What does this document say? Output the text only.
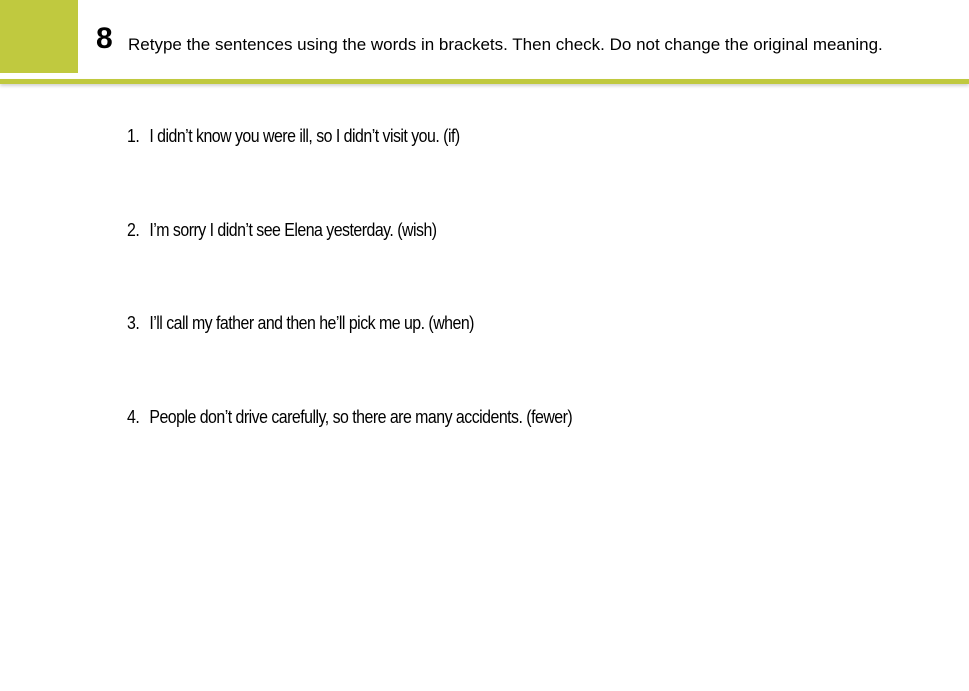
8 Retype the sentences using the words in brackets. Then check. Do not change the original meaning.
1. I didn’t know you were ill, so I didn’t visit you. (if)
2. I’m sorry I didn’t see Elena yesterday. (wish)
3. I’ll call my father and then he’ll pick me up. (when)
4. People don’t drive carefully, so there are many accidents. (fewer)
